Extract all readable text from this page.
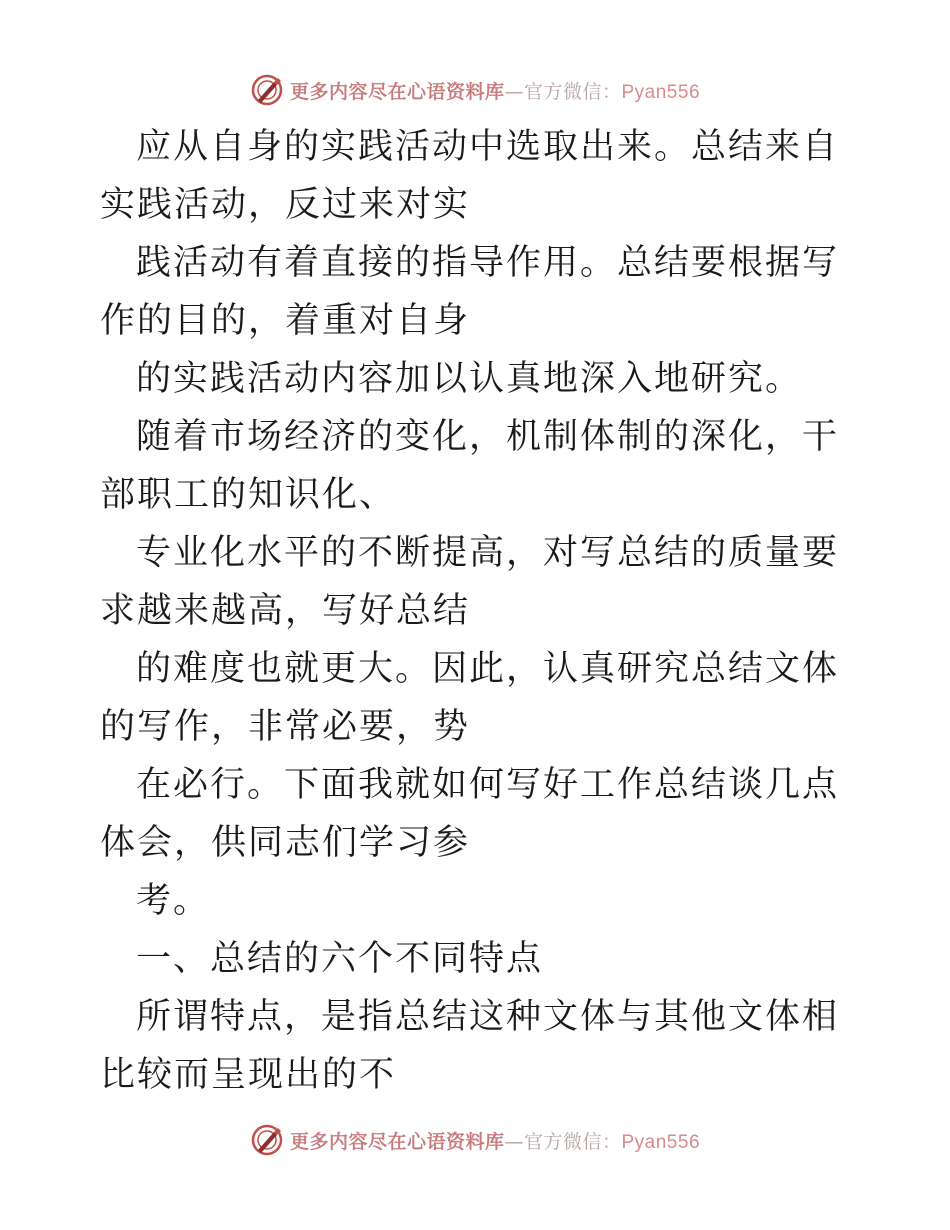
更多内容尽在心语资料库—官方微信：Pyan556

应从自身的实践活动中选取出来。总结来自实践活动，反过来对实

践活动有着直接的指导作用。总结要根据写作的目的，着重对自身

的实践活动内容加以认真地深入地研究。

随着市场经济的变化，机制体制的深化，干部职工的知识化、

专业化水平的不断提高，对写总结的质量要求越来越高，写好总结

的难度也就更大。因此，认真研究总结文体的写作，非常必要，势

在必行。下面我就如何写好工作总结谈几点体会，供同志们学习参

考。

一、总结的六个不同特点

所谓特点，是指总结这种文体与其他文体相比较而呈现出的不

更多内容尽在心语资料库—官方微信：Pyan556
